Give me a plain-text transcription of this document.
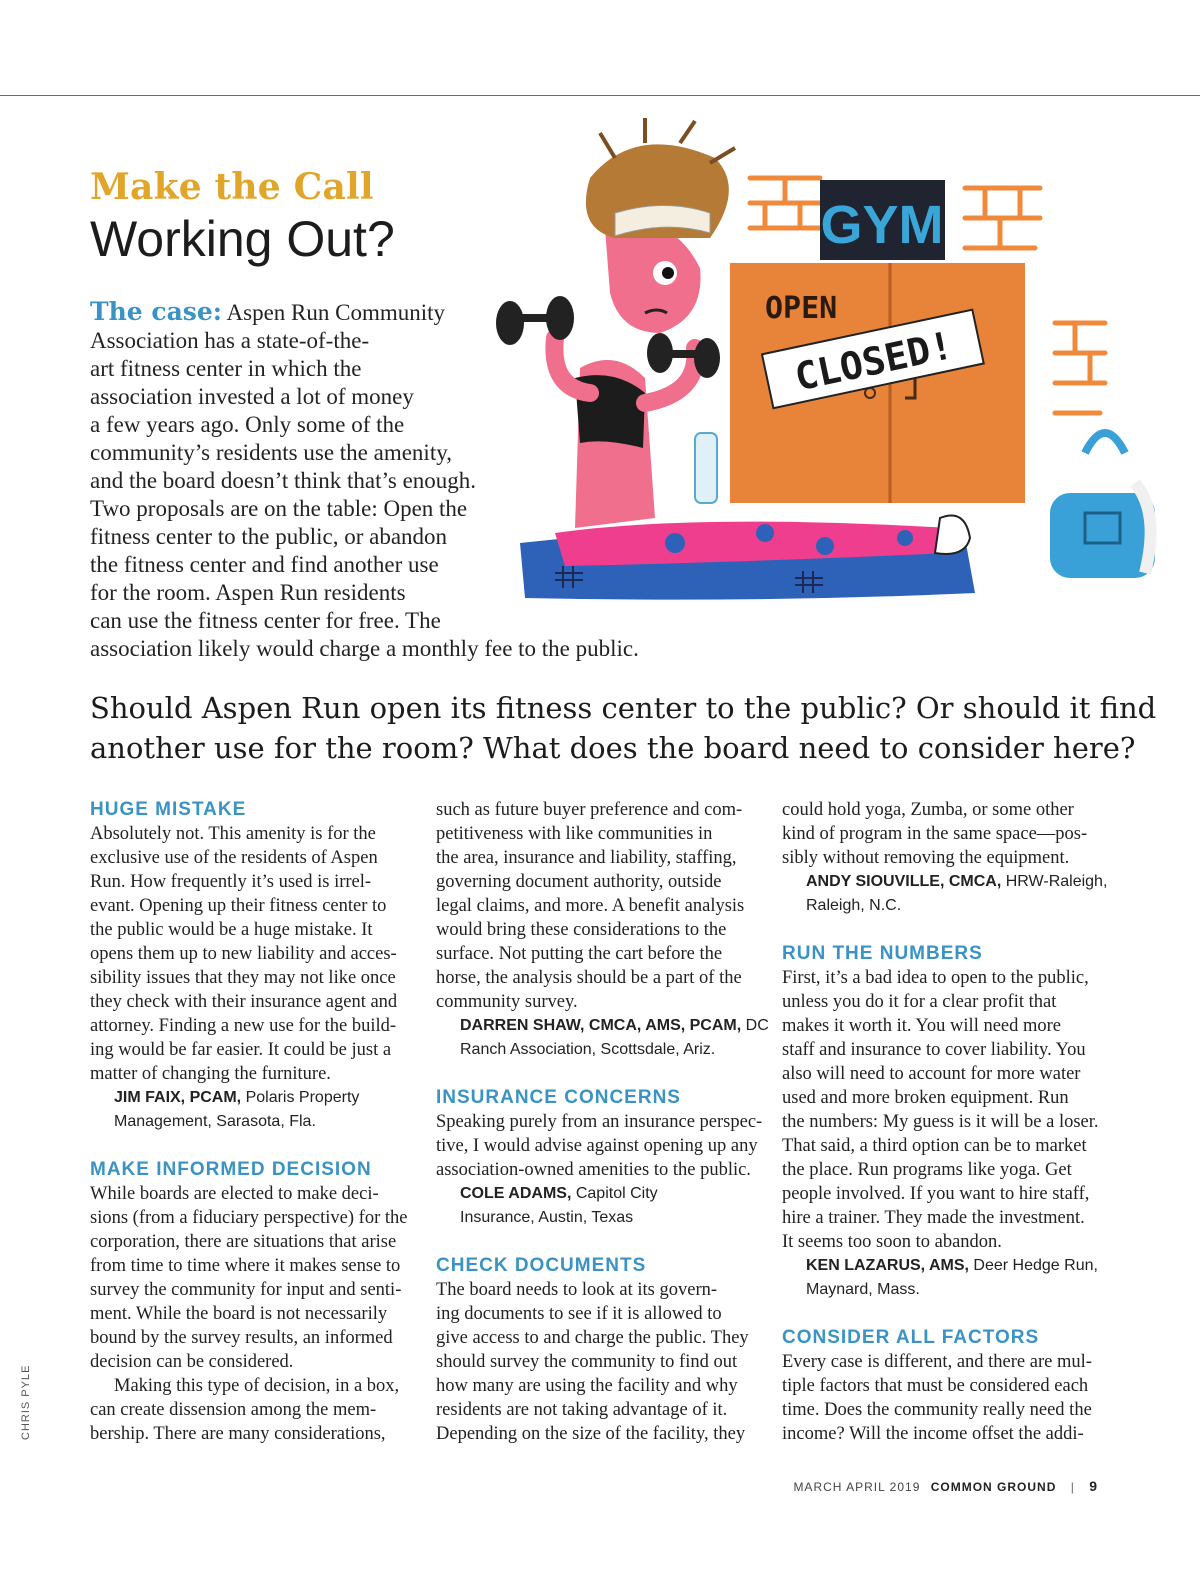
Make the Call
Working Out?
The case: Aspen Run Community
Association has a state-of-the-
art fitness center in which the
association invested a lot of money
a few years ago. Only some of the
community’s residents use the amenity,
and the board doesn’t think that’s enough.
Two proposals are on the table: Open the
fitness center to the public, or abandon
the fitness center and find another use
for the room. Aspen Run residents
can use the fitness center for free. The
association likely would charge a monthly fee to the public.
GYM
OPEN
CLOSED!
Should Aspen Run open its fitness center to the public? Or should it find
another use for the room? What does the board need to consider here?
HUGE MISTAKE
Absolutely not. This amenity is for the
exclusive use of the residents of Aspen
Run. How frequently it’s used is irrel-
evant. Opening up their fitness center to
the public would be a huge mistake. It
opens them up to new liability and acces-
sibility issues that they may not like once
they check with their insurance agent and
attorney. Finding a new use for the build-
ing would be far easier. It could be just a
matter of changing the furniture.
JIM FAIX, PCAM, Polaris Property
Management, Sarasota, Fla.
MAKE INFORMED DECISION
While boards are elected to make deci-
sions (from a fiduciary perspective) for the
corporation, there are situations that arise
from time to time where it makes sense to
survey the community for input and senti-
ment. While the board is not necessarily
bound by the survey results, an informed
decision can be considered.
Making this type of decision, in a box,
can create dissension among the mem-
bership. There are many considerations,
such as future buyer preference and com-
petitiveness with like communities in
the area, insurance and liability, staffing,
governing document authority, outside
legal claims, and more. A benefit analysis
would bring these considerations to the
surface. Not putting the cart before the
horse, the analysis should be a part of the
community survey.
DARREN SHAW, CMCA, AMS, PCAM, DC
Ranch Association, Scottsdale, Ariz.
INSURANCE CONCERNS
Speaking purely from an insurance perspec-
tive, I would advise against opening up any
association-owned amenities to the public.
COLE ADAMS, Capitol City
Insurance, Austin, Texas
CHECK DOCUMENTS
The board needs to look at its govern-
ing documents to see if it is allowed to
give access to and charge the public. They
should survey the community to find out
how many are using the facility and why
residents are not taking advantage of it.
Depending on the size of the facility, they
could hold yoga, Zumba, or some other
kind of program in the same space—pos-
sibly without removing the equipment.
ANDY SIOUVILLE, CMCA, HRW-Raleigh,
Raleigh, N.C.
RUN THE NUMBERS
First, it’s a bad idea to open to the public,
unless you do it for a clear profit that
makes it worth it. You will need more
staff and insurance to cover liability. You
also will need to account for more water
used and more broken equipment. Run
the numbers: My guess is it will be a loser.
That said, a third option can be to market
the place. Run programs like yoga. Get
people involved. If you want to hire staff,
hire a trainer. They made the investment.
It seems too soon to abandon.
KEN LAZARUS, AMS, Deer Hedge Run,
Maynard, Mass.
CONSIDER ALL FACTORS
Every case is different, and there are mul-
tiple factors that must be considered each
time. Does the community really need the
income? Will the income offset the addi-
CHRIS PYLE
MARCH APRIL 2019 COMMON GROUND | 9
